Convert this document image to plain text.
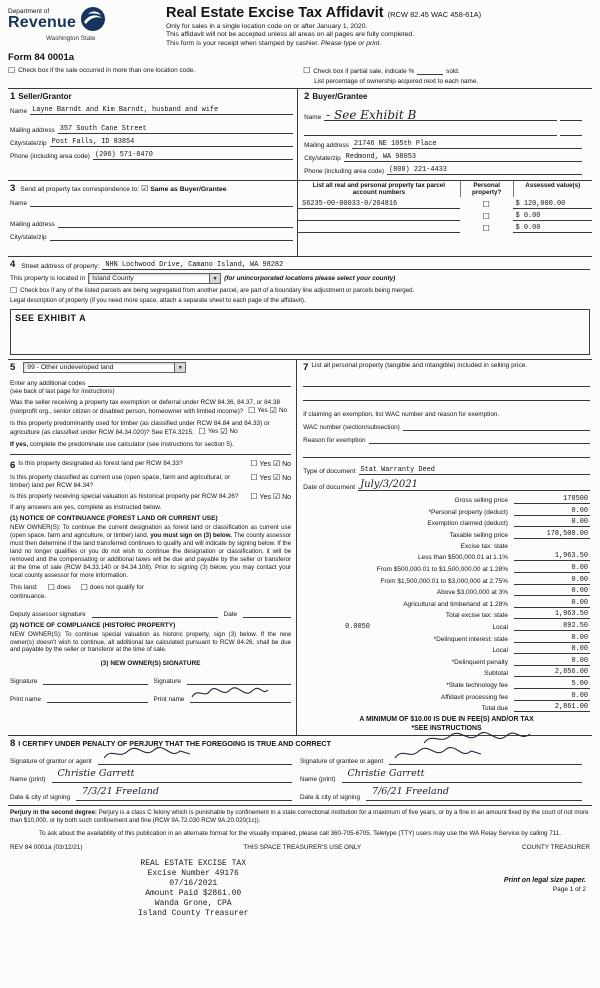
Department of
Revenue
Washington State
Form 84 0001a
Real Estate Excise Tax Affidavit (RCW 82.45 WAC 458-61A)
Only for sales in a single location code on or after January 1, 2020.
This affidavit will not be accepted unless all areas on all pages are fully completed.
This form is your receipt when stamped by cashier. Please type or print.
☐ Check box if the sale occurred in more than one location code.	☐ Check box if partial sale, indicate %	sold.
List percentage of ownership acquired next to each name.
1 Seller/Grantor
Name Layne Barndt and Kim Barndt, husband and wife
Mailing address 357 South Cane Street
City/state/zip Post Falls, ID 83854
Phone (including area code) (206) 571-8470
2 Buyer/Grantee
Name - See Exhibit B
Mailing address 21746 NE 105th Place
City/state/zip Redmond, WA 98053
Phone (including area code) (808) 221-4433
3 Send all property tax correspondence to: ☑ Same as Buyer/Grantee
Name
Mailing address
City/state/zip
List all real and personal property tax parcel account numbers
Personal property?
Assessed value(s)
S6235-00-00033-0/204816	☐	$ 120,000.00
☐	$ 0.00
☐	$ 0.00
4 Street address of property: NHN Lochwood Drive, Camano Island, WA 98282
This property is located in	Island County	▼	(for unincorporated locations please select your county)
☐ Check box if any of the listed parcels are being segregated from another parcel, are part of a boundary line adjustment or parcels being merged.
Legal description of property (if you need more space, attach a separate sheet to each page of the affidavit).
SEE EXHIBIT A
5	99 - Other undeveloped land	▼
Enter any additional codes
(see back of last page for instructions)
Was the seller receiving a property tax exemption or deferral under RCW 84.36, 84.37, or 84.38 (nonprofit org., senior citizen or disabled person, homeowner with limited income)? ☐ Yes ☑ No
Is this property predominantly used for timber (as classified under RCW 84.84 and 84.33) or agriculture (as classified under RCW 84.34.020)? See ETA 3215. ☐ Yes ☑ No
If yes, complete the predominate use calculator (see instructions for section 5).
6 Is this property designated as forest land per RCW 84.33?	☐ Yes ☑ No
Is this property classified as current use (open space, farm and agricultural, or timber) land per RCW 84.34?
☐ Yes ☑ No
Is this property receiving special valuation as historical property per RCW 84.26?	☐ Yes ☑ No
If any answers are yes, complete as instructed below.
(1) NOTICE OF CONTINUANCE (FOREST LAND OR CURRENT USE)
NEW OWNER(S): To continue the current designation as forest land or classification as current use (open space, farm and agriculture, or timber) land, you must sign on (3) below. The county assessor must then determine if the land transferred continues to qualify and will indicate by signing below. If the land no longer qualifies or you do not wish to continue the designation or classification, it will be removed and the compensating or additional taxes will be due and payable by the seller or transferor at the time of sale (RCW 84.33.140 or 84.34.108). Prior to signing (3) below, you may contact your local county assessor for more information.
This land: ☐ does ☐ does not qualify for
continuance.
Deputy assessor signature	Date
(2) NOTICE OF COMPLIANCE (HISTORIC PROPERTY)
NEW OWNER(S): To continue special valuation as historic property, sign (3) below. If the new owner(s) doesn't wish to continue, all additional tax calculated pursuant to RCW 84.26, shall be due and payable by the seller or transferor at the time of sale.
(3) NEW OWNER(S) SIGNATURE
Signature	Signature
Print name	Print name
7 List all personal property (tangible and intangible) included in selling price.
If claiming an exemption, list WAC number and reason for exemption.
WAC number (section/subsection)
Reason for exemption
Type of document Stat Warranty Deed
Date of document July/3/2021
Gross selling price	178500
*Personal property (deduct)	0.00
Exemption claimed (deduct)	0.00
Taxable selling price	178,500.00
Excise tax: state
Less than $500,000.01 at 1.1%	1,963.50
From $500,000.01 to $1,500,000.00 at 1.28%	0.00
From $1,500,000.01 to $3,000,000 at 2.75%	0.00
Above $3,000,000 at 3%	0.00
Agricultural and timberland at 1.28%	0.00
Total excise tax: state	1,963.50
0.0050	Local	892.50
*Delinquent interest: state	0.00
Local	0.00
*Delinquent penalty	0.00
Subtotal	2,856.00
*State technology fee	5.00
Affidavit processing fee	0.00
Total due	2,861.00
A MINIMUM OF $10.00 IS DUE IN FEE(S) AND/OR TAX
*SEE INSTRUCTIONS
8 I CERTIFY UNDER PENALTY OF PERJURY THAT THE FOREGOING IS TRUE AND CORRECT
Signature of grantor or agent
Name (print)
Christie Garrett
Date & city of signing
7/3/21 Freeland
Signature of grantee or agent
Name (print)
Christie Garrett
Date & city of signing
7/6/21 Freeland
Perjury in the second degree: Perjury is a class C felony which is punishable by confinement in a state correctional institution for a maximum of five years, or by a fine in an amount fixed by the court of not more than $10,000, or by both such confinement and fine (RCW 9A.72.030 RCW 9A.20.020(1c)).
To ask about the availability of this publication in an alternate format for the visually impaired, please call 360-705-6705. Teletype (TTY) users may use the WA Relay Service by calling 711.
REV 84 0001a (03/12/21)	THIS SPACE TREASURER'S USE ONLY	COUNTY TREASURER
REAL ESTATE EXCISE TAX
Excise Number 49176
07/16/2021
Amount Paid $2861.00
Wanda Grone, CPA
Island County Treasurer
Print on legal size paper.
Page 1 of 2
